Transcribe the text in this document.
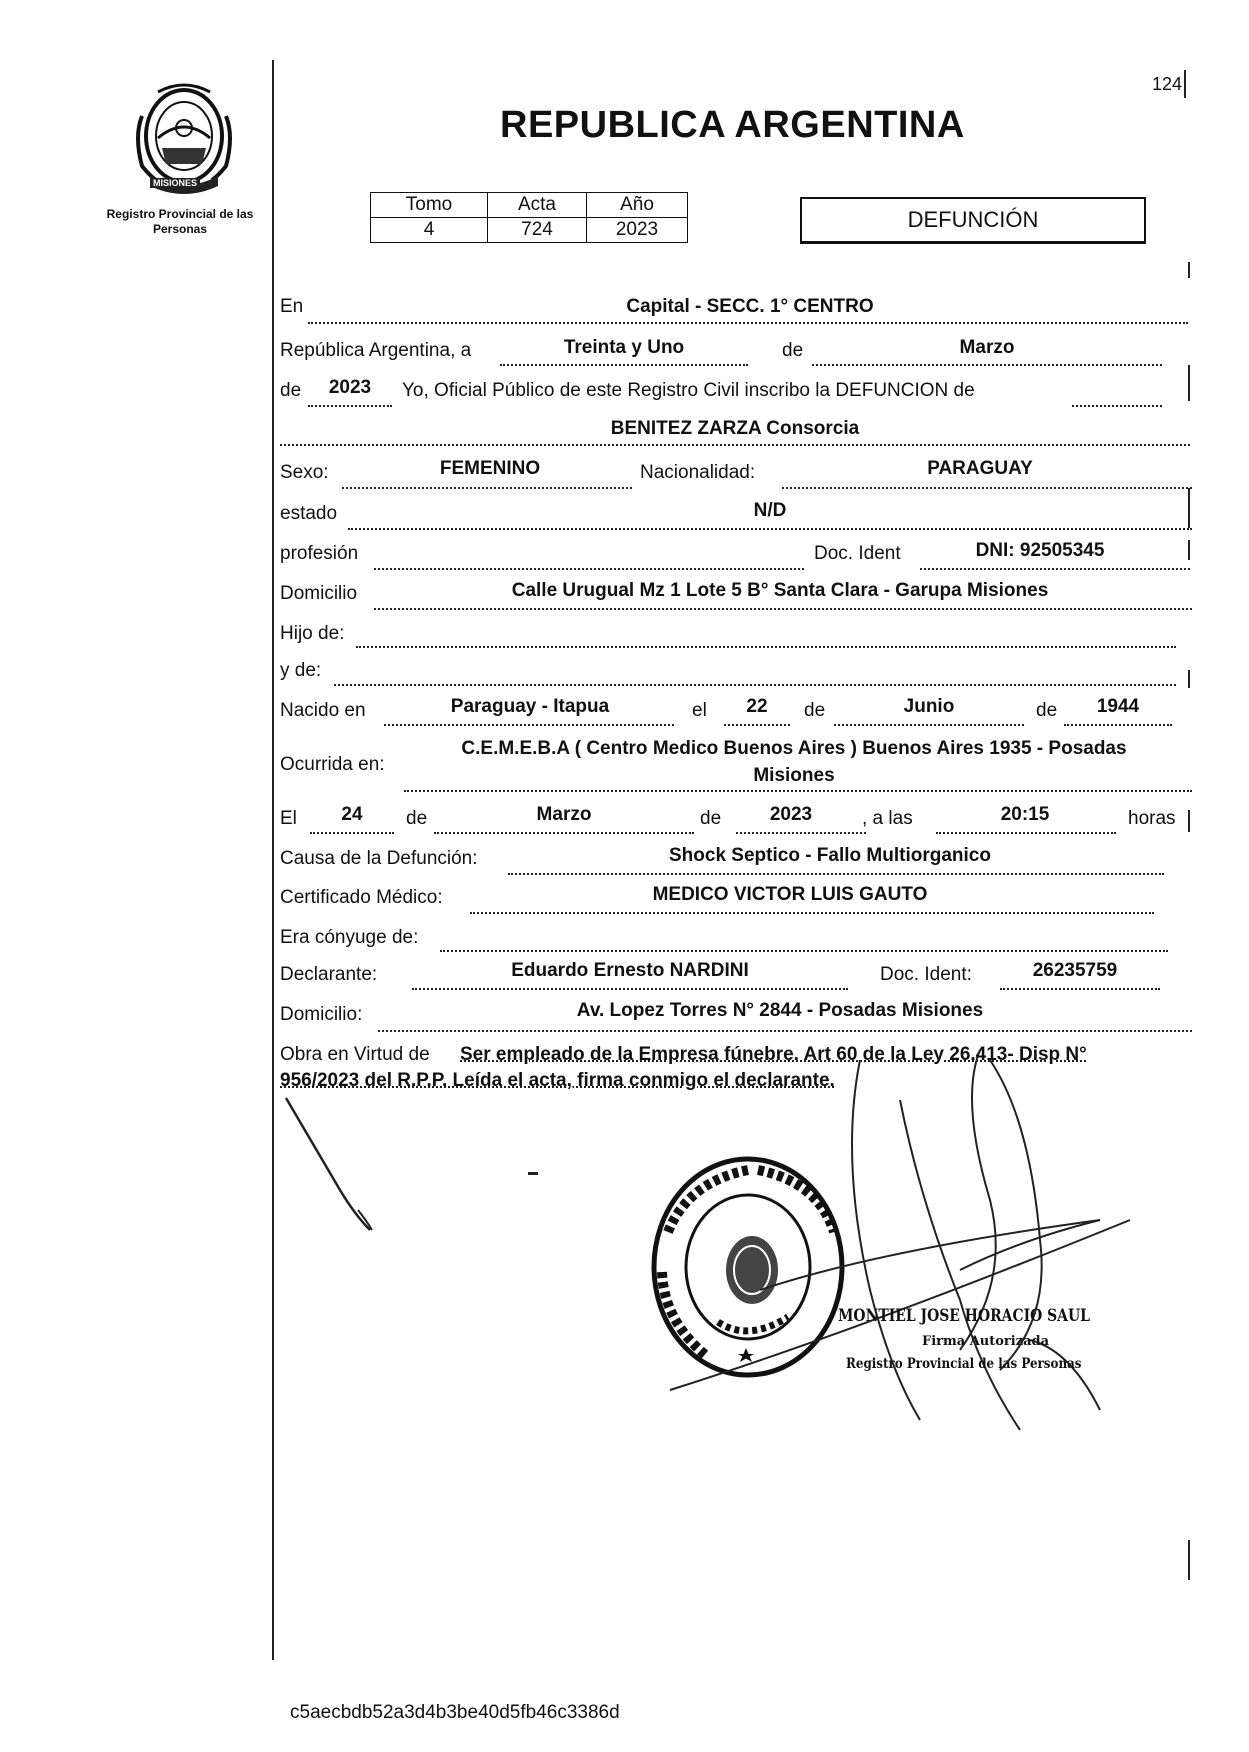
124
MISIONES
Registro Provincial de las Personas
REPUBLICA ARGENTINA
Tomo	Acta	Año
4	724	2023	DEFUNCIÓN
En	Capital - SECC. 1° CENTRO
República Argentina, a	Treinta y Uno	de	Marzo
de	2023	Yo, Oficial Público de este Registro Civil inscribo la DEFUNCION de
BENITEZ ZARZA Consorcia
Sexo:	FEMENINO	Nacionalidad:	PARAGUAY
estado	N/D
profesión	Doc. Ident	DNI: 92505345
Domicilio	Calle Urugual Mz 1 Lote 5 B° Santa Clara - Garupa Misiones
Hijo de:
y de:
Nacido en	Paraguay - Itapua	el	22	de	Junio	de	1944
Ocurrida en:
C.E.M.E.B.A ( Centro Medico Buenos Aires ) Buenos Aires 1935 - Posadas
Misiones
El	24	de	Marzo	de	2023	, a las	20:15	horas
Causa de la Defunción:	Shock Septico - Fallo Multiorganico
Certificado Médico:	MEDICO VICTOR LUIS GAUTO
Era cónyuge de:
Declarante:	Eduardo Ernesto NARDINI	Doc. Ident:	26235759
Domicilio:	Av. Lopez Torres N° 2844 - Posadas Misiones
Obra en Virtud de Ser empleado de la Empresa fúnebre. Art 60 de la Ley 26.413- Disp N°
956/2023 del R.P.P. Leída el acta, firma conmigo el declarante.
MONTIEL JOSE HORACIO SAUL
Firma Autorizada
Registro Provincial de las Personas
c5aecbdb52a3d4b3be40d5fb46c3386d
